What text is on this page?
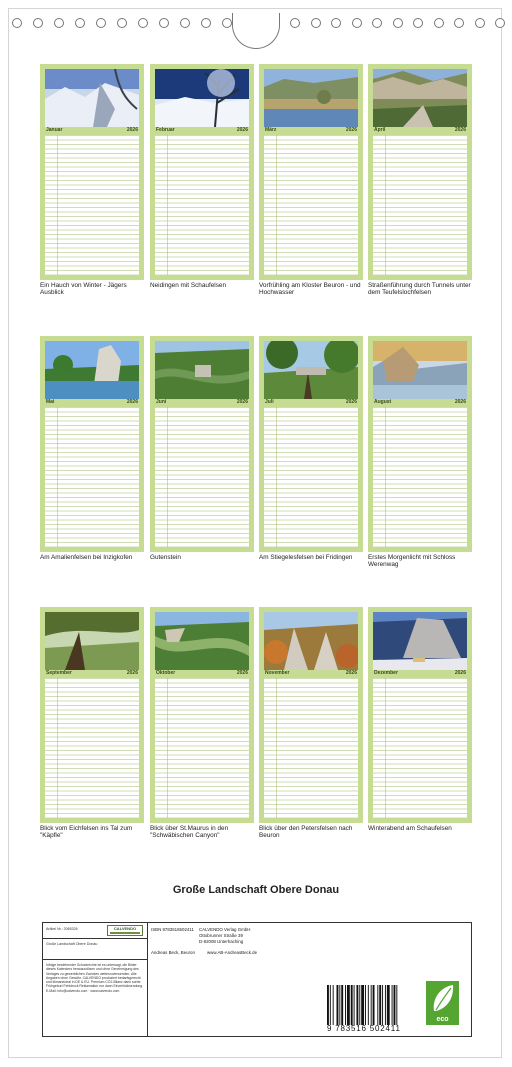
Januar	2026
Ein Hauch von Winter - Jägers Ausblick
Februar	2026
Neidingen mit Schaufelsen
März	2026
Vorfrühling am Kloster Beuron - und Hochwasser
April	2026
Straßenführung durch Tunnels unter dem Teufelslochfelsen
Mai	2026
Am Amalienfelsen bei Inzigkofen
Juni	2026
Gutenstein
Juli	2026
Am Stiegelesfelsen bei Fridingen
August	2026
Erstes Morgenlicht mit Schloss Werenwag
September	2026
Blick vom Eichfelsen ins Tal zum "Käpfle"
Oktober	2026
Blick über St.Maurus in den "Schwäbischen Canyon"
November	2026
Blick über den Petersfelsen nach Beuron
Dezember	2026
Winterabend am Schaufelsen
Große Landschaft Obere Donau
Artikel Nr.: 2065326	CALVENDO
Große Landschaft Obere Donau
Infolge bestehender Schutzrechte ist es untersagt, die Bilder dieses Kalenders herauszulösen und ohne Genehmigung des Verlages zu gewerblichen Zwecken weiterzuverwenden. Alle Angaben ohne Gewähr. CALVENDO produziert bedarfsgerecht und klimaneutral in DE & EU. Premium CO2-Bilanz dank sorter. Frühgeburt Fehldruck Reklamation nur dann Einzelrücksendung. E-Mail: info@calvendo.com · www.calvendo.com
ISBN 9783516502411 CALVENDO Verlag GmbH
Ottobrunner Straße 39
D-82008 Unterhaching
Andreas Beck, Beuron	www.AB-AndreasBeck.de
9 783516 502411
eco
